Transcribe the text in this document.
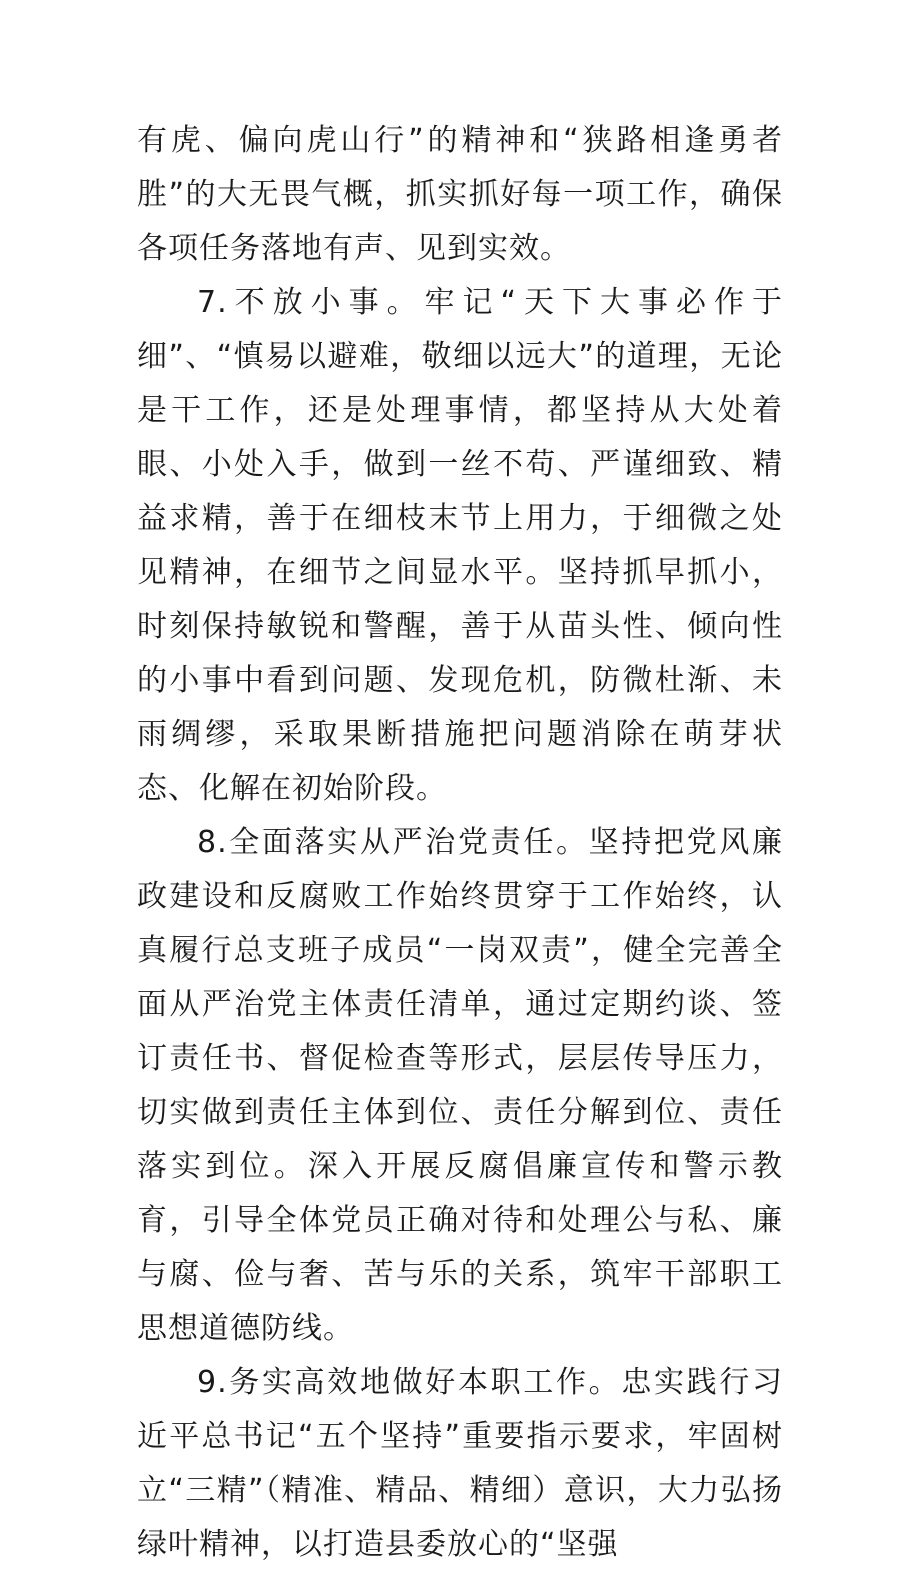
有虎、偏向虎山行”的精神和“狭路相逢勇者胜”的大无畏气概，抓实抓好每一项工作，确保各项任务落地有声、见到实效。

7.不放小事。牢记“天下大事必作于细”、“慎易以避难，敬细以远大”的道理，无论是干工作，还是处理事情，都坚持从大处着眼、小处入手，做到一丝不苟、严谨细致、精益求精，善于在细枝末节上用力，于细微之处见精神，在细节之间显水平。坚持抓早抓小，时刻保持敏锐和警醒，善于从苗头性、倾向性的小事中看到问题、发现危机，防微杜渐、未雨绸缪，采取果断措施把问题消除在萌芽状态、化解在初始阶段。

8.全面落实从严治党责任。坚持把党风廉政建设和反腐败工作始终贯穿于工作始终，认真履行总支班子成员“一岗双责”，健全完善全面从严治党主体责任清单，通过定期约谈、签订责任书、督促检查等形式，层层传导压力，切实做到责任主体到位、责任分解到位、责任落实到位。深入开展反腐倡廉宣传和警示教育，引导全体党员正确对待和处理公与私、廉与腐、俭与奢、苦与乐的关系，筑牢干部职工思想道德防线。

9.务实高效地做好本职工作。忠实践行习近平总书记“五个坚持”重要指示要求，牢固树立“三精”（精准、精品、精细）意识，大力弘扬绿叶精神，以打造县委放心的“坚强
